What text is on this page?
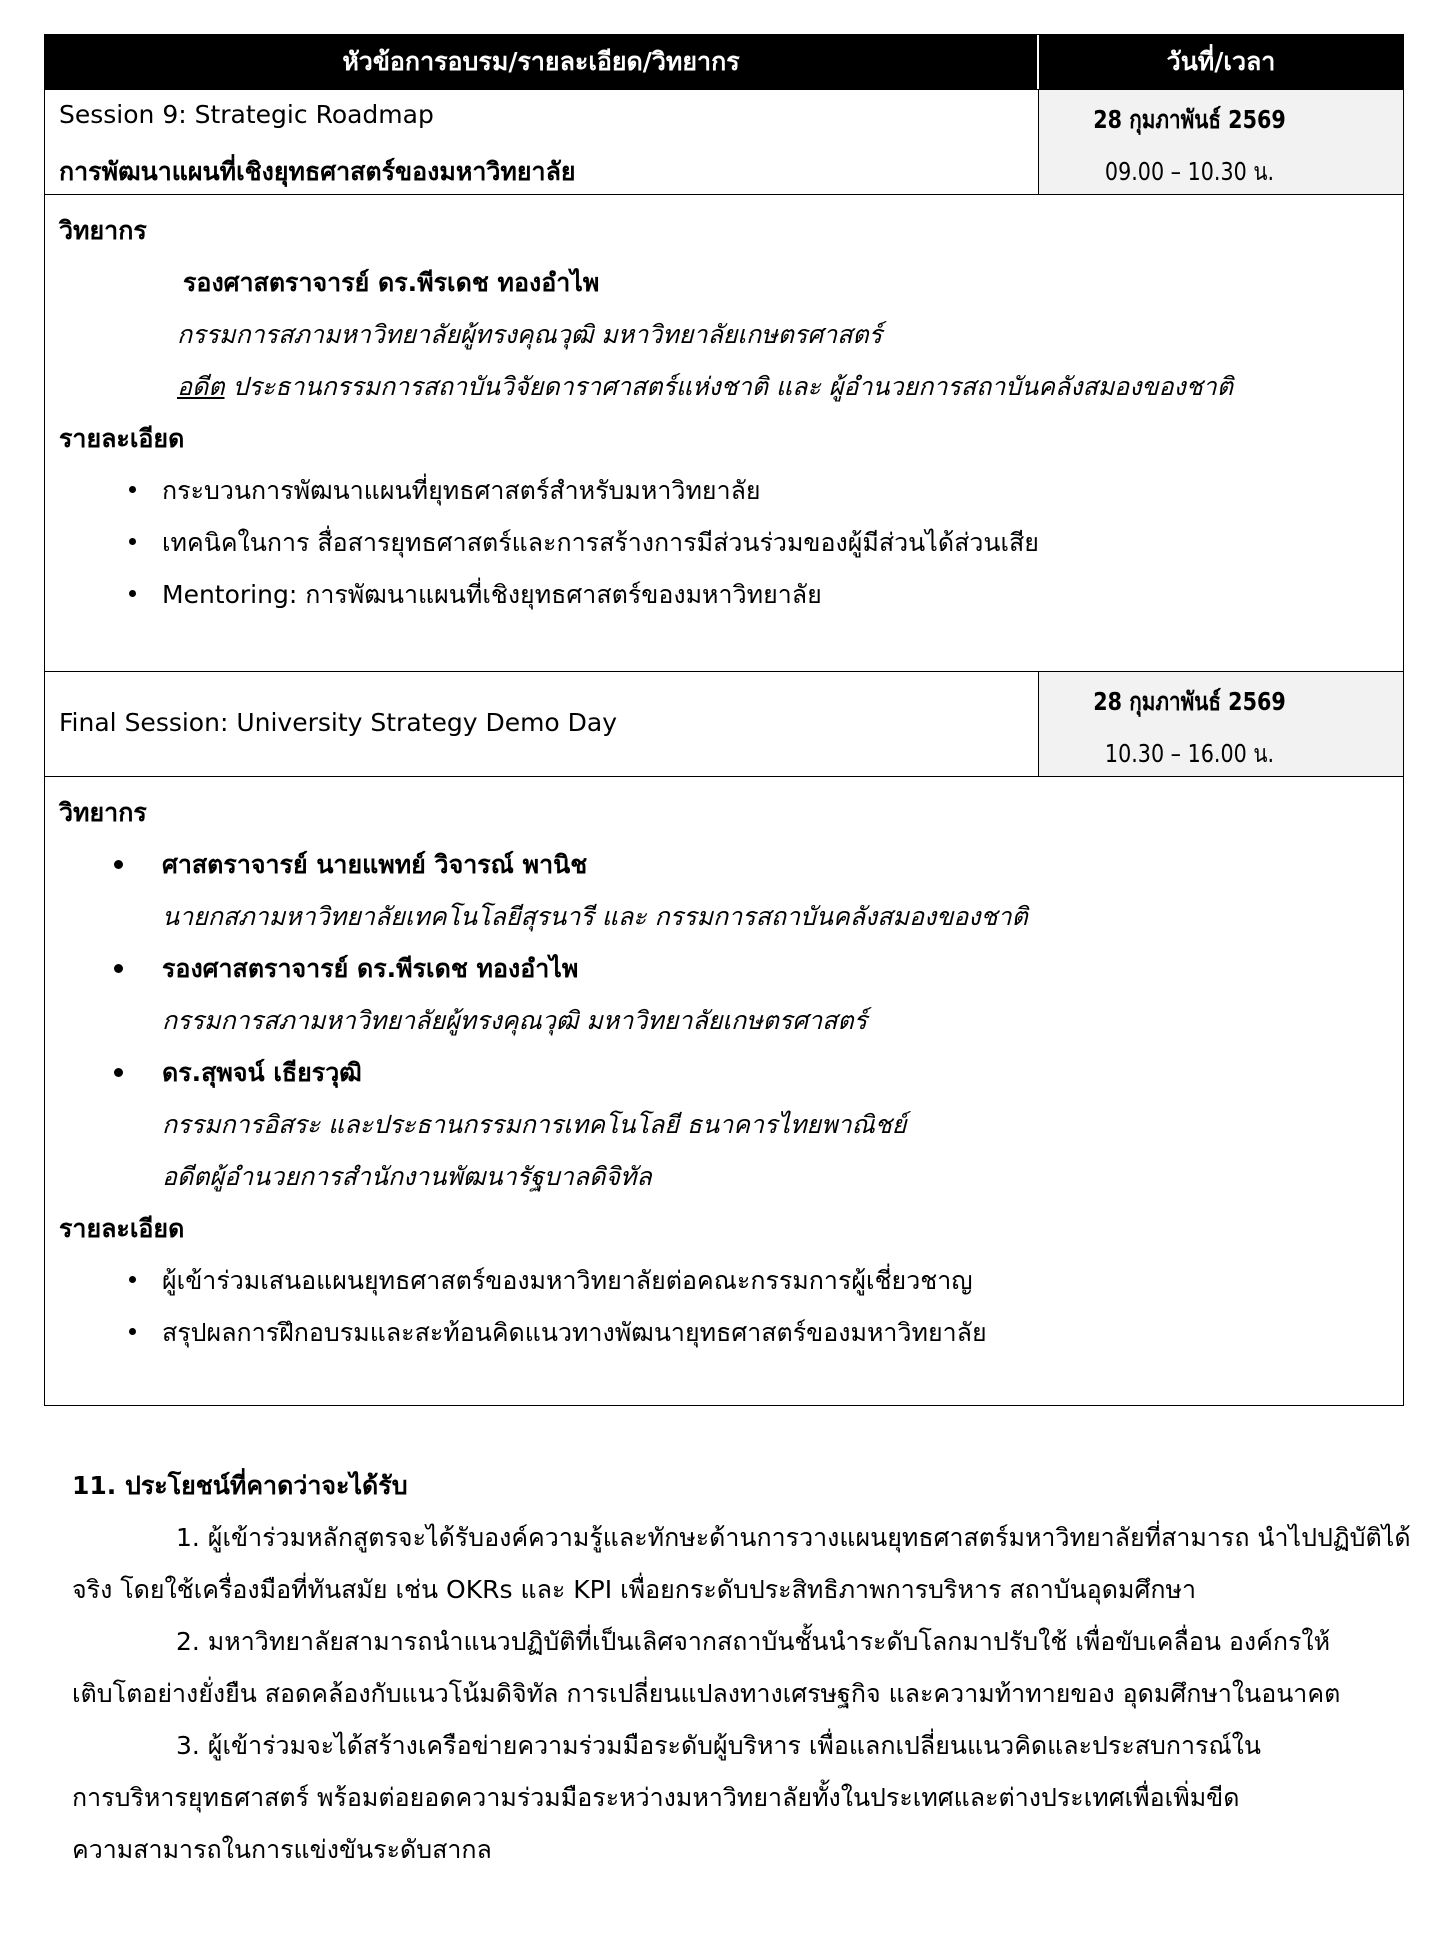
หัวข้อการอบรม/รายละเอียด/วิทยากร	วันที่/เวลา
Session 9: Strategic Roadmap
การพัฒนาแผนที่เชิงยุทธศาสตร์ของมหาวิทยาลัย
28 กุมภาพันธ์ 2569
09.00 – 10.30 น.
วิทยากร
รองศาสตราจารย์ ดร.พีรเดช ทองอำไพ
กรรมการสภามหาวิทยาลัยผู้ทรงคุณวุฒิ มหาวิทยาลัยเกษตรศาสตร์
อดีต ประธานกรรมการสถาบันวิจัยดาราศาสตร์แห่งชาติ และ ผู้อำนวยการสถาบันคลังสมองของชาติ
รายละเอียด
กระบวนการพัฒนาแผนที่ยุทธศาสตร์สำหรับมหาวิทยาลัย
เทคนิคในการ สื่อสารยุทธศาสตร์และการสร้างการมีส่วนร่วมของผู้มีส่วนได้ส่วนเสีย
Mentoring: การพัฒนาแผนที่เชิงยุทธศาสตร์ของมหาวิทยาลัย
Final Session: University Strategy Demo Day
28 กุมภาพันธ์ 2569
10.30 – 16.00 น.
วิทยากร
ศาสตราจารย์ นายแพทย์ วิจารณ์ พานิช
นายกสภามหาวิทยาลัยเทคโนโลยีสุรนารี และ กรรมการสถาบันคลังสมองของชาติ
รองศาสตราจารย์ ดร.พีรเดช ทองอำไพ
กรรมการสภามหาวิทยาลัยผู้ทรงคุณวุฒิ มหาวิทยาลัยเกษตรศาสตร์
ดร.สุพจน์ เธียรวุฒิ
กรรมการอิสระ และประธานกรรมการเทคโนโลยี ธนาคารไทยพาณิชย์
อดีตผู้อำนวยการสำนักงานพัฒนารัฐบาลดิจิทัล
รายละเอียด
ผู้เข้าร่วมเสนอแผนยุทธศาสตร์ของมหาวิทยาลัยต่อคณะกรรมการผู้เชี่ยวชาญ
สรุปผลการฝึกอบรมและสะท้อนคิดแนวทางพัฒนายุทธศาสตร์ของมหาวิทยาลัย
11. ประโยชน์ที่คาดว่าจะได้รับ
1. ผู้เข้าร่วมหลักสูตรจะได้รับองค์ความรู้และทักษะด้านการวางแผนยุทธศาสตร์มหาวิทยาลัยที่สามารถ นำไปปฏิบัติได้
จริง โดยใช้เครื่องมือที่ทันสมัย เช่น OKRs และ KPI เพื่อยกระดับประสิทธิภาพการบริหาร สถาบันอุดมศึกษา
2. มหาวิทยาลัยสามารถนำแนวปฏิบัติที่เป็นเลิศจากสถาบันชั้นนำระดับโลกมาปรับใช้ เพื่อขับเคลื่อน องค์กรให้
เติบโตอย่างยั่งยืน สอดคล้องกับแนวโน้มดิจิทัล การเปลี่ยนแปลงทางเศรษฐกิจ และความท้าทายของ อุดมศึกษาในอนาคต
3. ผู้เข้าร่วมจะได้สร้างเครือข่ายความร่วมมือระดับผู้บริหาร เพื่อแลกเปลี่ยนแนวคิดและประสบการณ์ใน
การบริหารยุทธศาสตร์ พร้อมต่อยอดความร่วมมือระหว่างมหาวิทยาลัยทั้งในประเทศและต่างประเทศเพื่อเพิ่มขีด
ความสามารถในการแข่งขันระดับสากล
